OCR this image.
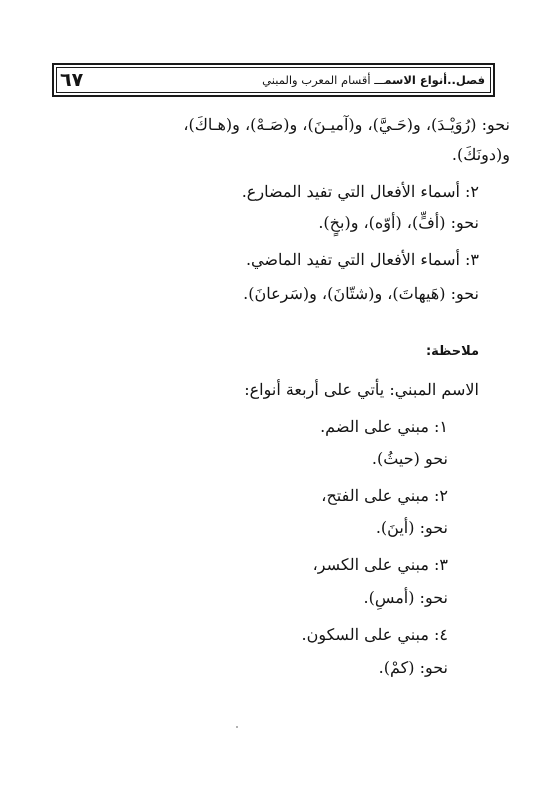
٦٧	فصل..أنواع الاسمـــ أقسام المعرب والمبني
نحو: (رُوَيْـدَ)، و(حَـيَّ)، و(آميـنَ)، و(صَـهْ)، و(هـاكَ)،
و(دونَكَ).
٢: أسماء الأفعال التي تفيد المضارع.
نحو: (أفٍّ)، (أوّه)، و(بخٍ).
٣: أسماء الأفعال التي تفيد الماضي.
نحو: (هَيهاتَ)، و(شتّانَ)، و(سَرعانَ).
ملاحظة:
الاسم المبني: يأتي على أربعة أنواع:
١: مبني على الضم.
نحو (حيثُ).
٢: مبني على الفتح،
نحو: (أينَ).
٣: مبني على الكسر،
نحو: (أمسِ).
٤: مبني على السكون.
نحو: (كمْ).
